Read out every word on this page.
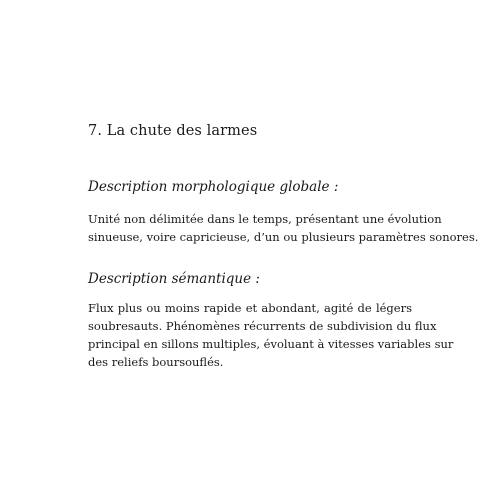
7. La chute des larmes
Description morphologique globale :

Unité non délimitée dans le temps, présentant une évolution
sinueuse, voire capricieuse, d’un ou plusieurs paramètres sonores.

Description sémantique :

Flux plus ou moins rapide et abondant, agité de légers
soubresauts. Phénomènes récurrents de subdivision du flux
principal en sillons multiples, évoluant à vitesses variables sur
des reliefs boursouflés.
